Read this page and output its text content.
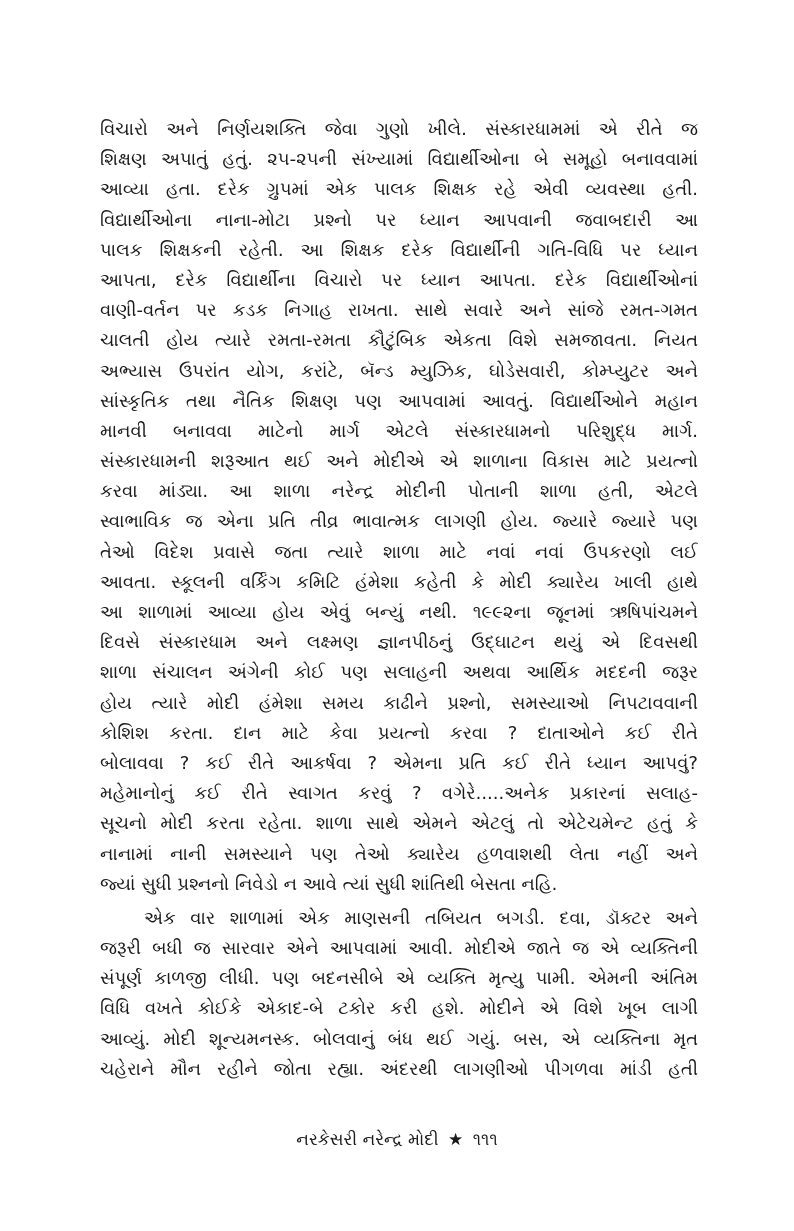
વિચારો અને નિર્ણયશક્તિ જેવા ગુણો ખીલે. સંસ્કારધામમાં એ રીતે જ
શિક્ષણ અપાતું હતું. ૨૫-૨૫ની સંખ્યામાં વિદ્યાર્થીઓના બે સમૂહો બનાવવામાં
આવ્યા હતા. દરેક ગ્રુપમાં એક પાલક શિક્ષક રહે એવી વ્યવસ્થા હતી.
વિદ્યાર્થીઓના નાના-મોટા પ્રશ્નો પર ધ્યાન આપવાની જવાબદારી આ
પાલક શિક્ષકની રહેતી. આ શિક્ષક દરેક વિદ્યાર્થીની ગતિ-વિધિ પર ધ્યાન
આપતા, દરેક વિદ્યાર્થીના વિચારો પર ધ્યાન આપતા. દરેક વિદ્યાર્થીઓનાં
વાણી-વર્તન પર કડક નિગાહ રાખતા. સાથે સવારે અને સાંજે રમત-ગમત
ચાલતી હોય ત્યારે રમતા-રમતા કૌટુંબિક એકતા વિશે સમજાવતા. નિયત
અભ્યાસ ઉપરાંત યોગ, કરાંટે, બૅન્ડ મ્યુઝિક, ઘોડેસવારી, કોમ્પ્યુટર અને
સાંસ્કૃતિક તથા નૈતિક શિક્ષણ પણ આપવામાં આવતું. વિદ્યાર્થીઓને મહાન
માનવી બનાવવા માટેનો માર્ગ એટલે સંસ્કારધામનો પરિશુદ્ધ માર્ગ.
સંસ્કારધામની શરૂઆત થઈ અને મોદીએ એ શાળાના વિકાસ માટે પ્રયત્નો
કરવા માંડ્યા. આ શાળા નરેન્દ્ર મોદીની પોતાની શાળા હતી, એટલે
સ્વાભાવિક જ એના પ્રતિ તીવ્ર ભાવાત્મક લાગણી હોય. જ્યારે જ્યારે પણ
તેઓ વિદેશ પ્રવાસે જતા ત્યારે શાળા માટે નવાં નવાં ઉપકરણો લઈ
આવતા. સ્કૂલની વર્કિંગ કમિટિ હંમેશા કહેતી કે મોદી ક્યારેય ખાલી હાથે
આ શાળામાં આવ્યા હોય એવું બન્યું નથી. ૧૯૯૨ના જૂનમાં ઋષિપાંચમને
દિવસે સંસ્કારધામ અને લક્ષ્મણ જ્ઞાનપીઠનું ઉદ્‌ઘાટન થયું એ દિવસથી
શાળા સંચાલન અંગેની કોઈ પણ સલાહની અથવા આર્થિક મદદની જરૂર
હોય ત્યારે મોદી હંમેશા સમય કાઢીને પ્રશ્નો, સમસ્યાઓ નિપટાવવાની
કોશિશ કરતા. દાન માટે કેવા પ્રયત્નો કરવા ? દાતાઓને કઈ રીતે
બોલાવવા ? કઈ રીતે આકર્ષવા ? એમના પ્રતિ કઈ રીતે ધ્યાન આપવું?
મહેમાનોનું કઈ રીતે સ્વાગત કરવું ? વગેરે.....અનેક પ્રકારનાં સલાહ-
સૂચનો મોદી કરતા રહેતા. શાળા સાથે એમને એટલું તો એટેચમેન્ટ હતું કે
નાનામાં નાની સમસ્યાને પણ તેઓ ક્યારેય હળવાશથી લેતા નહીં અને
જ્યાં સુધી પ્રશ્નનો નિવેડો ન આવે ત્યાં સુધી શાંતિથી બેસતા નહિ.
એક વાર શાળામાં એક માણસની તબિયત બગડી. દવા, ડૉક્ટર અને
જરૂરી બધી જ સારવાર એને આપવામાં આવી. મોદીએ જાતે જ એ વ્યક્તિની
સંપૂર્ણ કાળજી લીધી. પણ બદનસીબે એ વ્યક્તિ મૃત્યુ પામી. એમની અંતિમ
વિધિ વખતે કોઈકે એકાદ-બે ટકોર કરી હશે. મોદીને એ વિશે ખૂબ લાગી
આવ્યું. મોદી શૂન્યમનસ્ક. બોલવાનું બંધ થઈ ગયું. બસ, એ વ્યક્તિના મૃત
ચહેરાને મૌન રહીને જોતા રહ્યા. અંદરથી લાગણીઓ પીગળવા માંડી હતી
નરકેસરી નરેન્દ્ર મોદી ★ ૧૧૧
